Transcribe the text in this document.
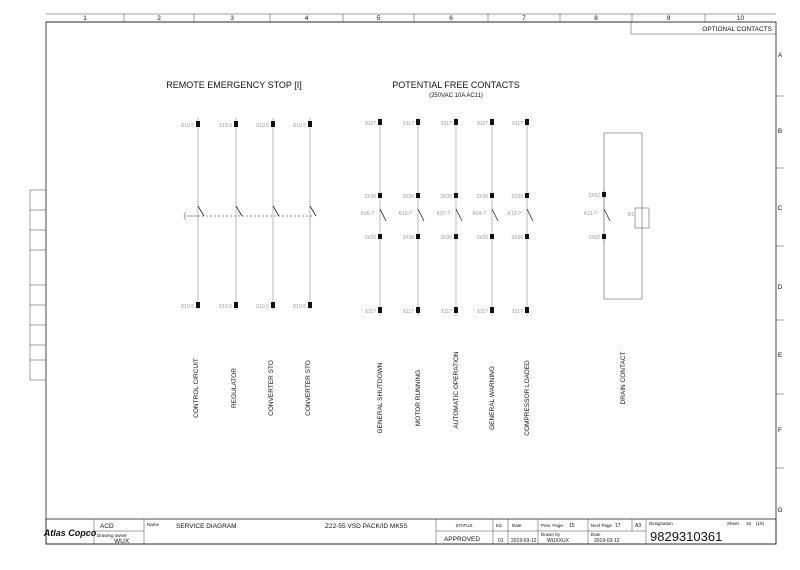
1	2	3	4	5	6	7	8	9	10
A
B
C
D
E
F
G
OPTIONAL CONTACTS
REMOTE EMERGENCY STOP [I]	POTENTIAL FREE CONTACTS
(250VAC 10A AC11)
X10.5
X10.5
CONTROL CIRCUIT
X10.5
X10.5
REGULATOR
X10.5
X10.5
CONVERTER STO
X10.5
X10.5
CONVERTER STO
X11?
3X30
K05-?
3X30
X11?
GENERAL SHUTDOWN
X11?
3X30
K10-?
3X30
X11?
MOTOR RUNNING
X11?
3X30
K07-?
3X30
X11?
AUTOMATIC OPERATION
X11?
3X30
K04-?
3X30
X11?
GENERAL WARNING
X11?
3X30
K12-?
3X30
X11?
COMPRESSOR LOADED
3X32
K11-?
3X32
B1
DRAIN CONTACT
Atlas Copco
ACD
Drawing owner
WUX
Name	SERVICE DIAGRAM	Z22-55 VSD PACK/ID MK5S	STATUS
APPROVED
Ed.
01
Date
2019-03-12
Prev. Page 15	Next Page 17	A3
Drawn by
WUXXUX
Date
2019-03-12
Designation	Sheet 16 (19)
9829310361
